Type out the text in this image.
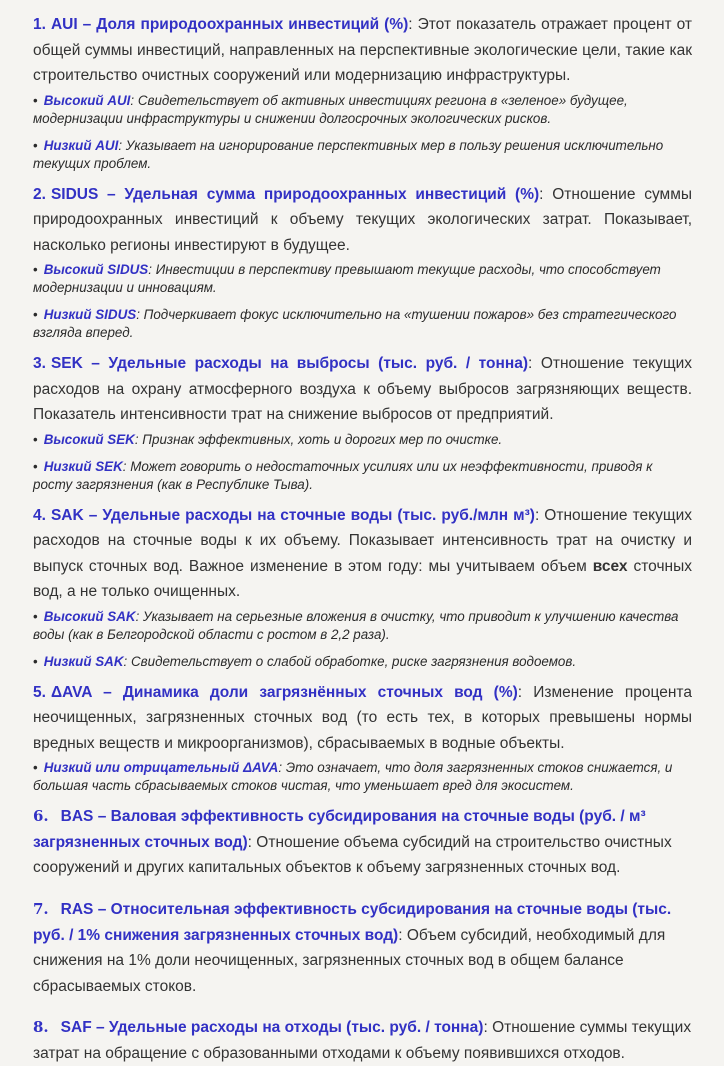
1. AUI – Доля природоохранных инвестиций (%): Этот показатель отражает процент от общей суммы инвестиций, направленных на перспективные экологические цели, такие как строительство очистных сооружений или модернизацию инфраструктуры.

• Высокий AUI: Свидетельствует об активных инвестициях региона в «зеленое» будущее, модернизации инфраструктуры и снижении долгосрочных экологических рисков.

• Низкий AUI: Указывает на игнорирование перспективных мер в пользу решения исключительно текущих проблем.

2. SIDUS – Удельная сумма природоохранных инвестиций (%): Отношение суммы природоохранных инвестиций к объему текущих экологических затрат. Показывает, насколько регионы инвестируют в будущее.

• Высокий SIDUS: Инвестиции в перспективу превышают текущие расходы, что способствует модернизации и инновациям.

• Низкий SIDUS: Подчеркивает фокус исключительно на «тушении пожаров» без стратегического взгляда вперед.

3. SEK – Удельные расходы на выбросы (тыс. руб. / тонна): Отношение текущих расходов на охрану атмосферного воздуха к объему выбросов загрязняющих веществ. Показатель интенсивности трат на снижение выбросов от предприятий.

• Высокий SEK: Признак эффективных, хоть и дорогих мер по очистке.

• Низкий SEK: Может говорить о недостаточных усилиях или их неэффективности, приводя к росту загрязнения (как в Республике Тыва).

4. SAK – Удельные расходы на сточные воды (тыс. руб./млн м³): Отношение текущих расходов на сточные воды к их объему. Показывает интенсивность трат на очистку и выпуск сточных вод. Важное изменение в этом году: мы учитываем объем всех сточных вод, а не только очищенных.

• Высокий SAK: Указывает на серьезные вложения в очистку, что приводит к улучшению качества воды (как в Белгородской области с ростом в 2,2 раза).

• Низкий SAK: Свидетельствует о слабой обработке, риске загрязнения водоемов.

5. ΔAVA – Динамика доли загрязнённых сточных вод (%): Изменение процента неочищенных, загрязненных сточных вод (то есть тех, в которых превышены нормы вредных веществ и микроорганизмов), сбрасываемых в водные объекты.

• Низкий или отрицательный ΔAVA: Это означает, что доля загрязненных стоков снижается, и большая часть сбрасываемых стоков чистая, что уменьшает вред для экосистем.

6. BAS – Валовая эффективность субсидирования на сточные воды (руб. / м³ загрязненных сточных вод): Отношение объема субсидий на строительство очистных сооружений и других капитальных объектов к объему загрязненных сточных вод.

7. RAS – Относительная эффективность субсидирования на сточные воды (тыс. руб. / 1% снижения загрязненных сточных вод): Объем субсидий, необходимый для снижения на 1% доли неочищенных, загрязненных сточных вод в общем балансе сбрасываемых стоков.

8. SAF – Удельные расходы на отходы (тыс. руб. / тонна): Отношение суммы текущих затрат на обращение с образованными отходами к объему появившихся отходов.
